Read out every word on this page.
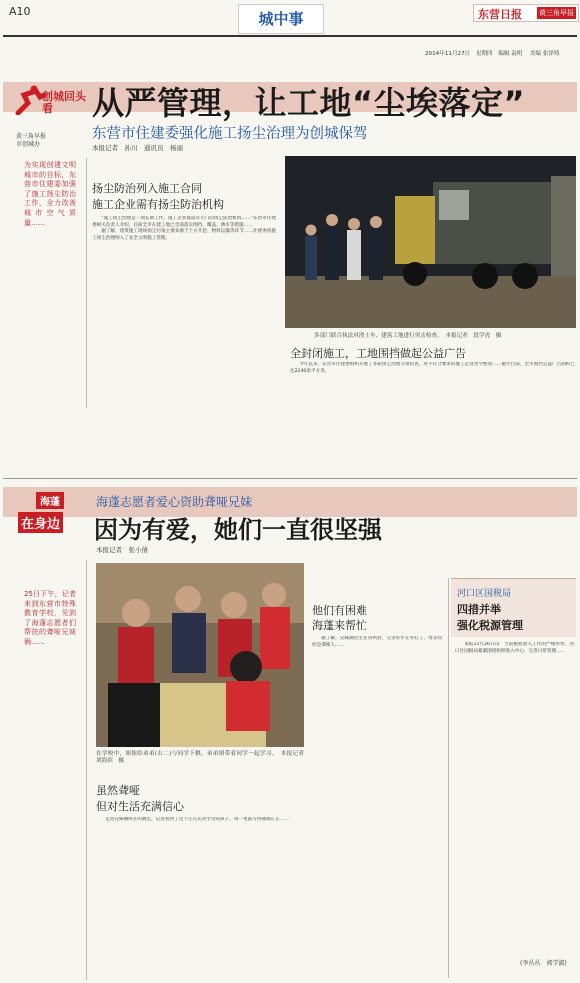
A10	城中事	东营日报 黄三角早报
2014年11月27日　星期四　编辑 袁明 　美编 张泽铸
创城回头看
黄三角早报
市创城办
从严管理，让工地“尘埃落定”
东营市住建委强化施工扬尘治理为创城保驾
本报记者　孙川　通讯员　杨丽
为实现创建文明城市的目标，东营市住建委加强了施工扬尘防治工作，全力改善城市空气质量……
扬尘防治列入施工合同
施工企业需有扬尘防治机构

“施工扬尘治理是一项长期工作，施工企业都需有专门的扬尘防治机构……”东营市住建委相关负责人介绍，目前全市在建工地已全部落实围挡、覆盖、洒水等措施……

据了解，建筑施工现场扬尘污染主要来源于土方开挖、物料运输等环节……住建委将施工扬尘治理纳入了安全文明施工管理。

多部门联合执法对渣土车、建筑工地进行突击检查。　本报记者　段学虎　摄
全封闭施工，工地围挡做起公益广告

今年以来，东营市住建委组织开展了多轮扬尘治理专项检查，对不符合要求的施工企业责令整改……截至目前，全市围挡公益广告面积已达2240余平方米。

海蓬
在身边
海蓬志愿者爱心资助聋哑兄妹
因为有爱，她们一直很坚强
本报记者　张小倩
25日下午，记者来到东营市特殊教育学校，见到了海蓬志愿者们帮扶的聋哑兄妹俩……
在学校中，姐姐给弟弟(右二)与同学下棋，弟弟则带着同学一起学习。　本报记者　刘海滨　摄
他们有困难
海蓬来帮忙

据了解，兄妹俩出生在垦利县，父亲常年在外打工，母亲同样是聋哑人……

虽然聋哑
但对生活充满信心

走进兄妹俩所在的教室，记者看到了这个正在认真学习的孩子，每一笔都写得端端正正……

河口区国税局
四措并举
强化税源管理

本报11月26日讯　当前税收收入工作的严峻形势，河口区国税局紧紧围绕组织收入中心，完善日常管理……

(李丛丛　郭学淑)
